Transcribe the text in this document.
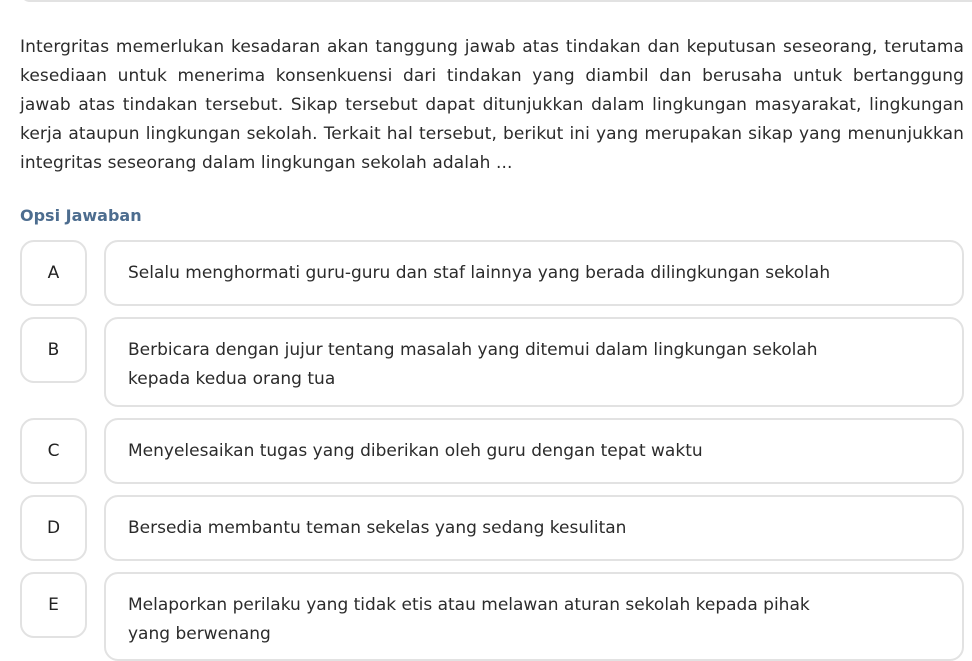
Intergritas memerlukan kesadaran akan tanggung jawab atas tindakan dan keputusan seseorang, terutama kesediaan untuk menerima konsenkuensi dari tindakan yang diambil dan berusaha untuk bertanggung jawab atas tindakan tersebut. Sikap tersebut dapat ditunjukkan dalam lingkungan masyarakat, lingkungan kerja ataupun lingkungan sekolah. Terkait hal tersebut, berikut ini yang merupakan sikap yang menunjukkan integritas seseorang dalam lingkungan sekolah adalah ...
Opsi Jawaban
A	Selalu menghormati guru-guru dan staf lainnya yang berada dilingkungan sekolah
B	Berbicara dengan jujur tentang masalah yang ditemui dalam lingkungan sekolah
kepada kedua orang tua
C	Menyelesaikan tugas yang diberikan oleh guru dengan tepat waktu
D	Bersedia membantu teman sekelas yang sedang kesulitan
E	Melaporkan perilaku yang tidak etis atau melawan aturan sekolah kepada pihak
yang berwenang
